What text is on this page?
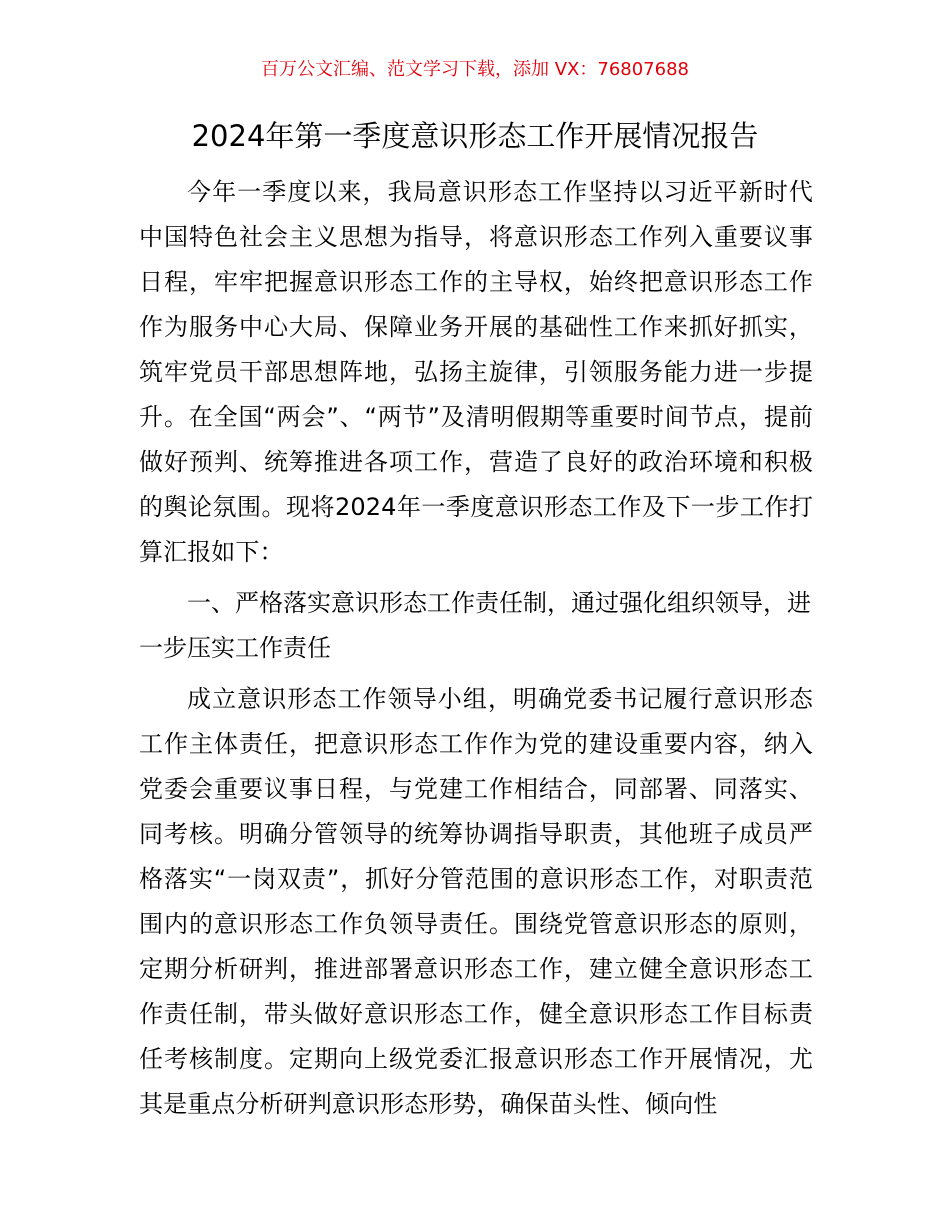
百万公文汇编、范文学习下载，添加 VX：76807688
2024年第一季度意识形态工作开展情况报告

今年一季度以来，我局意识形态工作坚持以习近平新时代中国特色社会主义思想为指导，将意识形态工作列入重要议事日程，牢牢把握意识形态工作的主导权，始终把意识形态工作作为服务中心大局、保障业务开展的基础性工作来抓好抓实，筑牢党员干部思想阵地，弘扬主旋律，引领服务能力进一步提升。在全国“两会”、“两节”及清明假期等重要时间节点，提前做好预判、统筹推进各项工作，营造了良好的政治环境和积极的舆论氛围。现将2024年一季度意识形态工作及下一步工作打算汇报如下：

一、严格落实意识形态工作责任制，通过强化组织领导，进一步压实工作责任

成立意识形态工作领导小组，明确党委书记履行意识形态工作主体责任，把意识形态工作作为党的建设重要内容，纳入党委会重要议事日程，与党建工作相结合，同部署、同落实、同考核。明确分管领导的统筹协调指导职责，其他班子成员严格落实“一岗双责”，抓好分管范围的意识形态工作，对职责范围内的意识形态工作负领导责任。围绕党管意识形态的原则，定期分析研判，推进部署意识形态工作，建立健全意识形态工作责任制，带头做好意识形态工作，健全意识形态工作目标责任考核制度。定期向上级党委汇报意识形态工作开展情况，尤其是重点分析研判意识形态形势，确保苗头性、倾向性
